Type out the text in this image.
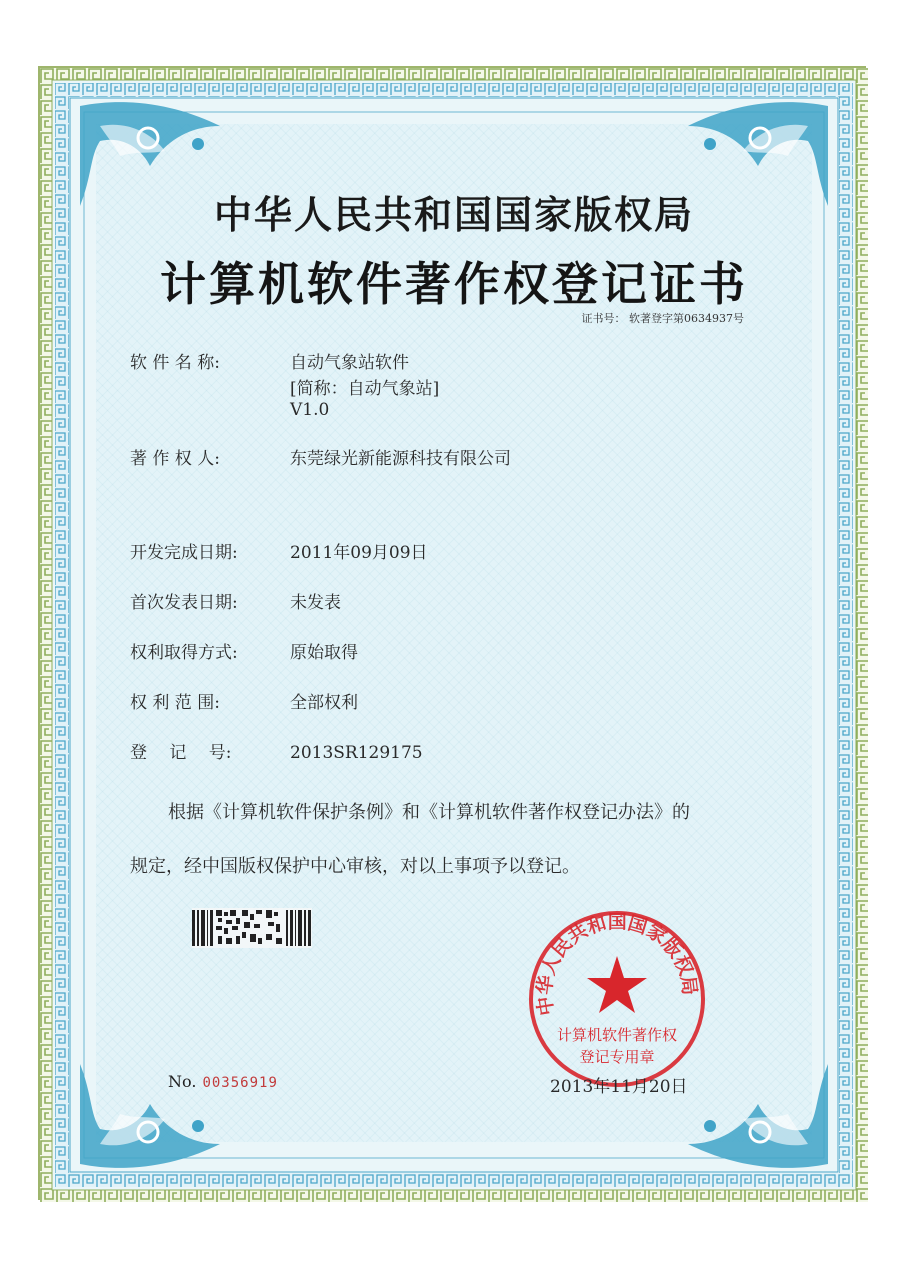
中华人民共和国国家版权局
计算机软件著作权登记证书
证书号： 软著登字第0634937号
软 件 名 称:	自动气象站软件
[简称：自动气象站]
V1.0
著 作 权 人:	东莞绿光新能源科技有限公司
开发完成日期:	2011年09月09日
首次发表日期:	未发表
权利取得方式:	原始取得
权 利 范 围:	全部权利
登　 记　 号:	2013SR129175
根据《计算机软件保护条例》和《计算机软件著作权登记办法》的
规定，经中国版权保护中心审核，对以上事项予以登记。
中华人民共和国国家版权局
计算机软件著作权
登记专用章
No. 00356919	2013年11月20日
